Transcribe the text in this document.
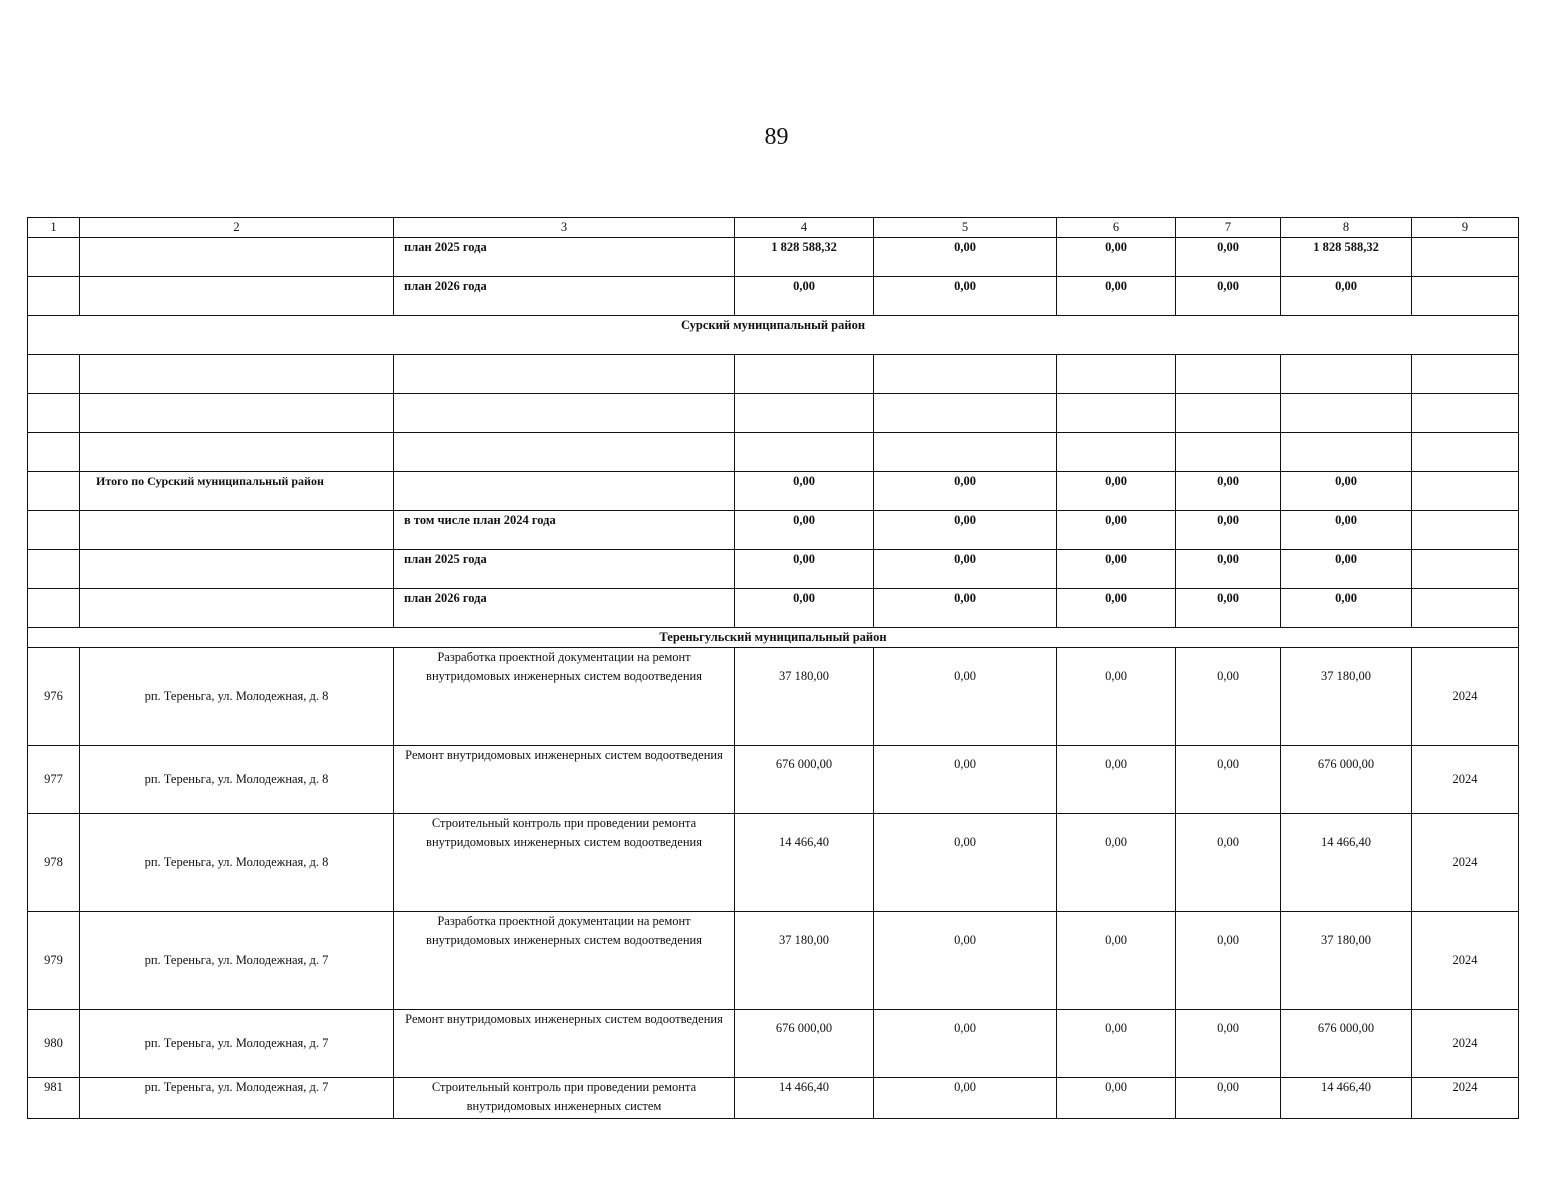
89
1	2	3	4	5	6	7	8	9
		план 2025 года	1 828 588,32	0,00	0,00	0,00	1 828 588,32	
		план 2026 года	0,00	0,00	0,00	0,00	0,00	
Сурский муниципальный район								

	Итого по Сурский муниципальный район		0,00	0,00	0,00	0,00	0,00	
		в том числе план 2024 года	0,00	0,00	0,00	0,00	0,00	
		план 2025 года	0,00	0,00	0,00	0,00	0,00	
		план 2026 года	0,00	0,00	0,00	0,00	0,00	
Тереньгульский муниципальный район								
976	рп. Тереньга, ул. Молодежная, д. 8	Разработка проектной документации на ремонт внутридомовых инженерных систем водоотведения	37 180,00	0,00	0,00	0,00	37 180,00	2024
977	рп. Тереньга, ул. Молодежная, д. 8	Ремонт внутридомовых инженерных систем водоотведения	676 000,00	0,00	0,00	0,00	676 000,00	2024
978	рп. Тереньга, ул. Молодежная, д. 8	Строительный контроль при проведении ремонта внутридомовых инженерных систем водоотведения	14 466,40	0,00	0,00	0,00	14 466,40	2024
979	рп. Тереньга, ул. Молодежная, д. 7	Разработка проектной документации на ремонт внутридомовых инженерных систем водоотведения	37 180,00	0,00	0,00	0,00	37 180,00	2024
980	рп. Тереньга, ул. Молодежная, д. 7	Ремонт внутридомовых инженерных систем водоотведения	676 000,00	0,00	0,00	0,00	676 000,00	2024
981	рп. Тереньга, ул. Молодежная, д. 7	Строительный контроль при проведении ремонта внутридомовых инженерных систем	14 466,40	0,00	0,00	0,00	14 466,40	2024
